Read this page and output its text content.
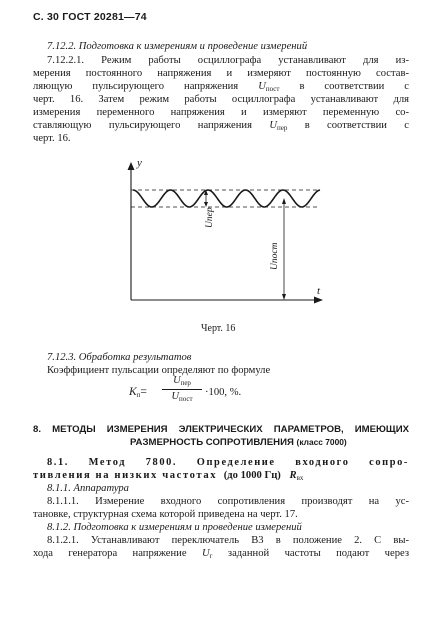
С. 30 ГОСТ 20281—74
7.12.2. Подготовка к измерениям и проведение измерений
7.12.2.1. Режим работы осциллографа устанавливают для из-
мерения постоянного напряжения и измеряют постоянную состав-
ляющую пульсирующего напряжения $U_{пост}$ в соответствии с
черт. 16. Затем режим работы осциллографа устанавливают для
измерения переменного напряжения и измеряют переменную со-
ставляющую пульсирующего напряжения $U_{пер}$ в соответствии с
черт. 16.
y
t
Uпер
Uпост
Черт. 16
7.12.3. Обработка результатов
Коэффициент пульсации определяют по формуле
$K_п=$
$U_{пер}$
$U_{пост}$
·100, %.
8. МЕТОДЫ ИЗМЕРЕНИЯ ЭЛЕКТРИЧЕСКИХ ПАРАМЕТРОВ, ИМЕЮЩИХ
РАЗМЕРНОСТЬ СОПРОТИВЛЕНИЯ (класс 7000)
8.1. Метод 7800. Определение входного сопро-
тивления на низких частотах (до 1000 Гц) $R_{вх}$
8.1.1. Аппаратура
8.1.1.1. Измерение входного сопротивления производят на ус-
тановке, структурная схема которой приведена на черт. 17.
8.1.2. Подготовка к измерениям и проведение измерений
8.1.2.1. Устанавливают переключатель B3 в положение 2. С вы-
хода генератора напряжение $U_г$ заданной частоты подают через
